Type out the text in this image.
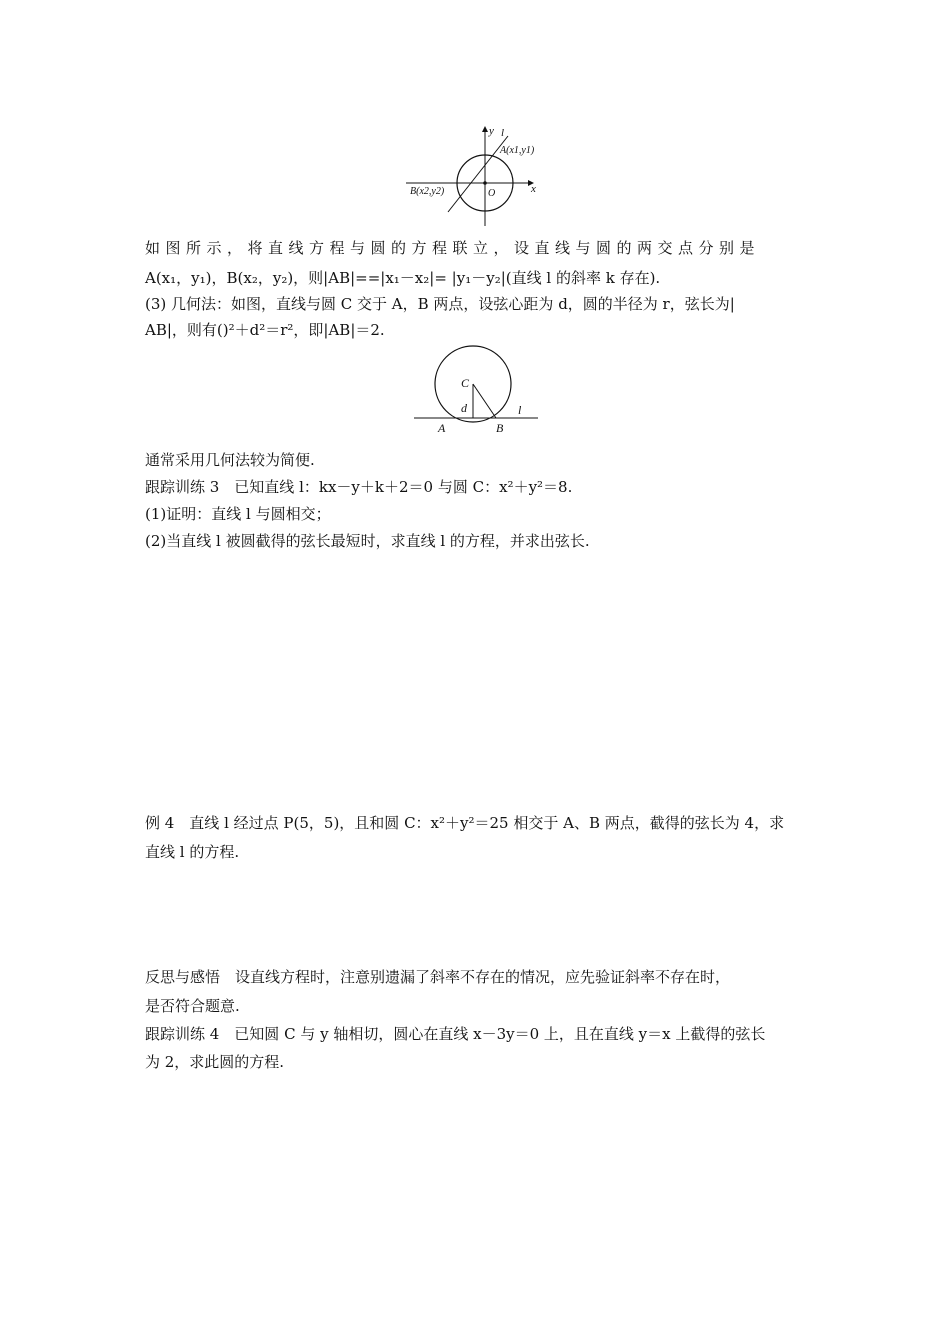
y
x
l
A(x1,y1)
B(x2,y2)	O
如图所示，将直线方程与圆的方程联立，设直线与圆的两交点分别是
A(x₁，y₁)，B(x₂，y₂)，则|AB|==|x₁－x₂|= |y₁－y₂|(直线 l 的斜率 k 存在).
(3) 几何法：如图，直线与圆 C 交于 A，B 两点，设弦心距为 d，圆的半径为 r，弦长为|
AB|，则有()²＋d²＝r²，即|AB|＝2.
C
d	l
A	B
通常采用几何法较为简便.
跟踪训练 3　已知直线 l：kx－y＋k＋2＝0 与圆 C：x²＋y²＝8.
(1)证明：直线 l 与圆相交；
(2)当直线 l 被圆截得的弦长最短时，求直线 l 的方程，并求出弦长.
例 4　直线 l 经过点 P(5，5)，且和圆 C：x²＋y²＝25 相交于 A、B 两点，截得的弦长为 4，求
直线 l 的方程.
反思与感悟　设直线方程时，注意别遗漏了斜率不存在的情况，应先验证斜率不存在时，
是否符合题意.
跟踪训练 4　已知圆 C 与 y 轴相切，圆心在直线 x－3y＝0 上，且在直线 y＝x 上截得的弦长
为 2，求此圆的方程.
